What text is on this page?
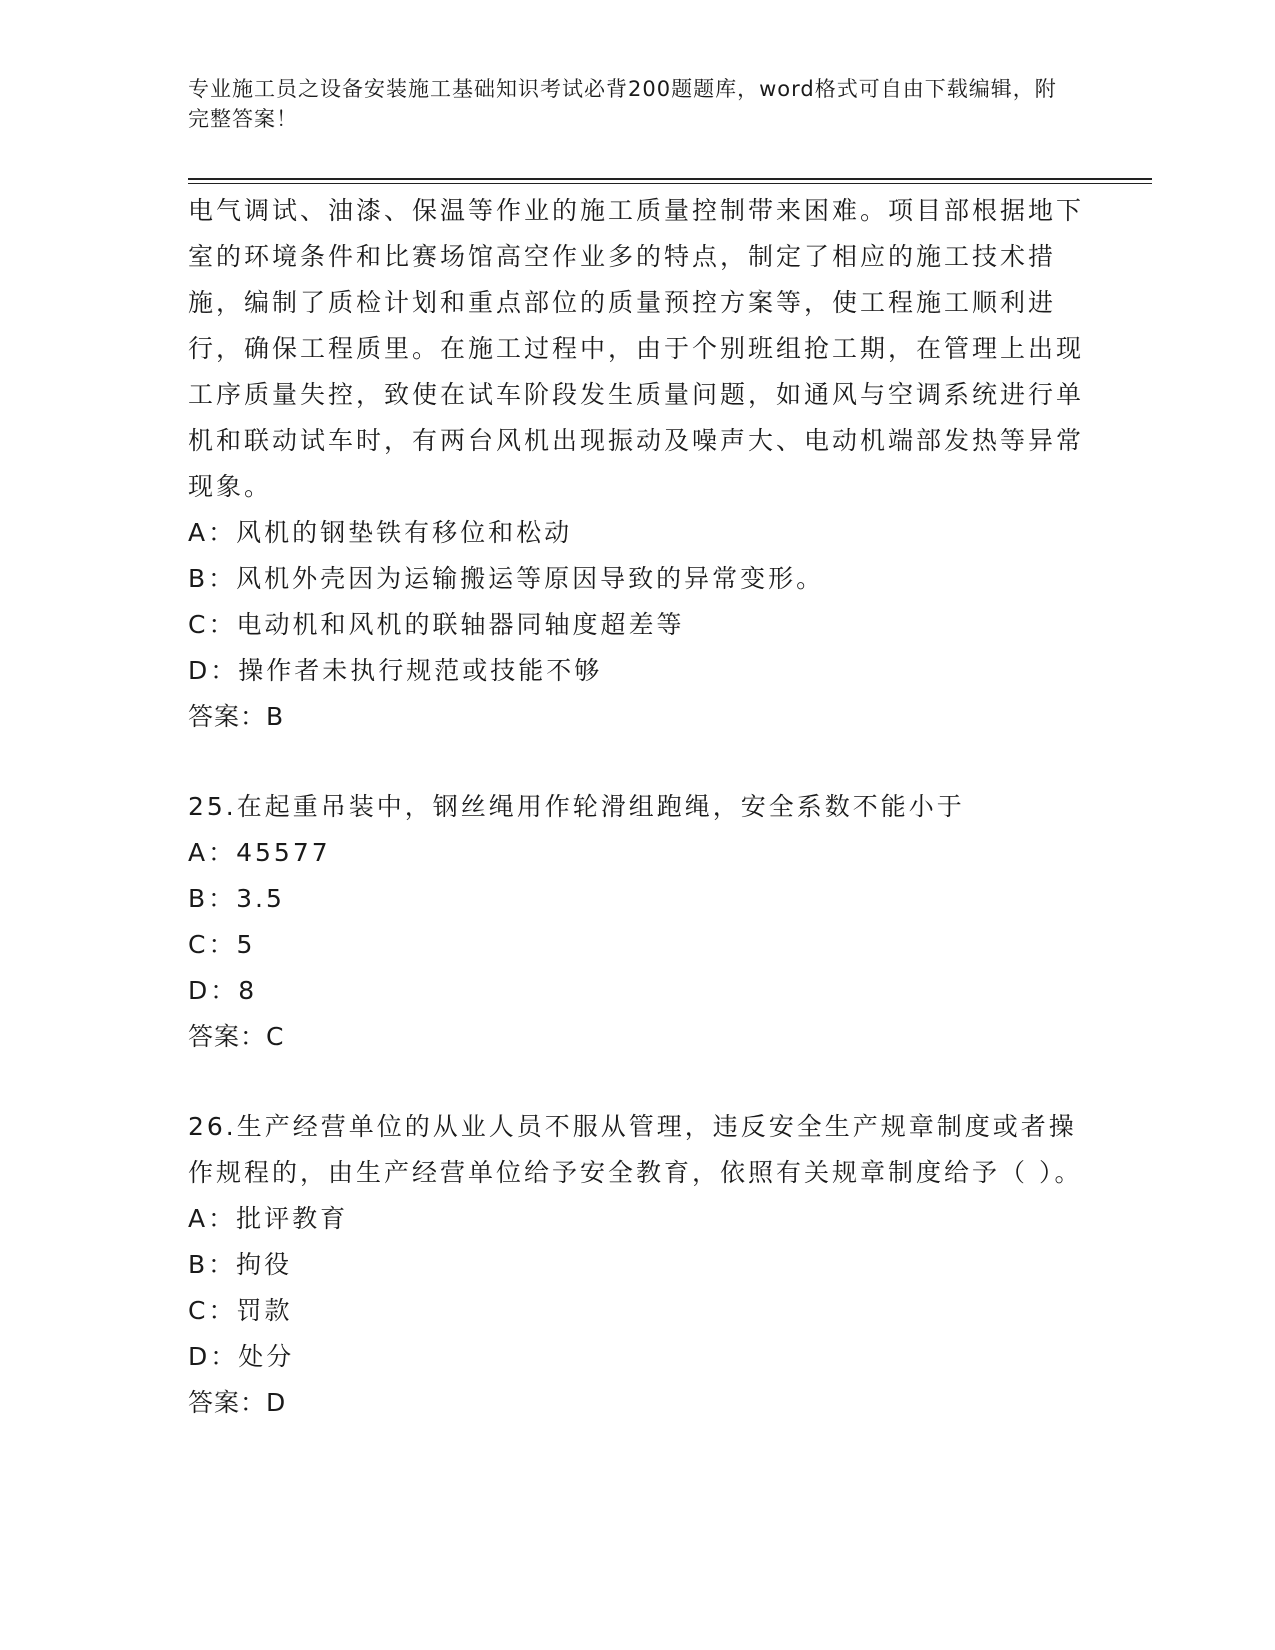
专业施工员之设备安装施工基础知识考试必背200题题库，word格式可自由下载编辑，附完整答案！

电气调试、油漆、保温等作业的施工质量控制带来困难。项目部根据地下室的环境条件和比赛场馆高空作业多的特点，制定了相应的施工技术措施，编制了质检计划和重点部位的质量预控方案等，使工程施工顺利进行，确保工程质里。在施工过程中，由于个别班组抢工期，在管理上出现工序质量失控，致使在试车阶段发生质量问题，如通风与空调系统进行单机和联动试车时，有两台风机出现振动及噪声大、电动机端部发热等异常现象。

A：风机的钢垫铁有移位和松动

B：风机外壳因为运输搬运等原因导致的异常变形。

C：电动机和风机的联轴器同轴度超差等

D：操作者未执行规范或技能不够

答案：B

25.在起重吊装中，钢丝绳用作轮滑组跑绳，安全系数不能小于

A：45577

B：3.5

C：5

D：8

答案：C

26.生产经营单位的从业人员不服从管理，违反安全生产规章制度或者操作规程的，由生产经营单位给予安全教育，依照有关规章制度给予（ ）。

A：批评教育

B：拘役

C：罚款

D：处分

答案：D
